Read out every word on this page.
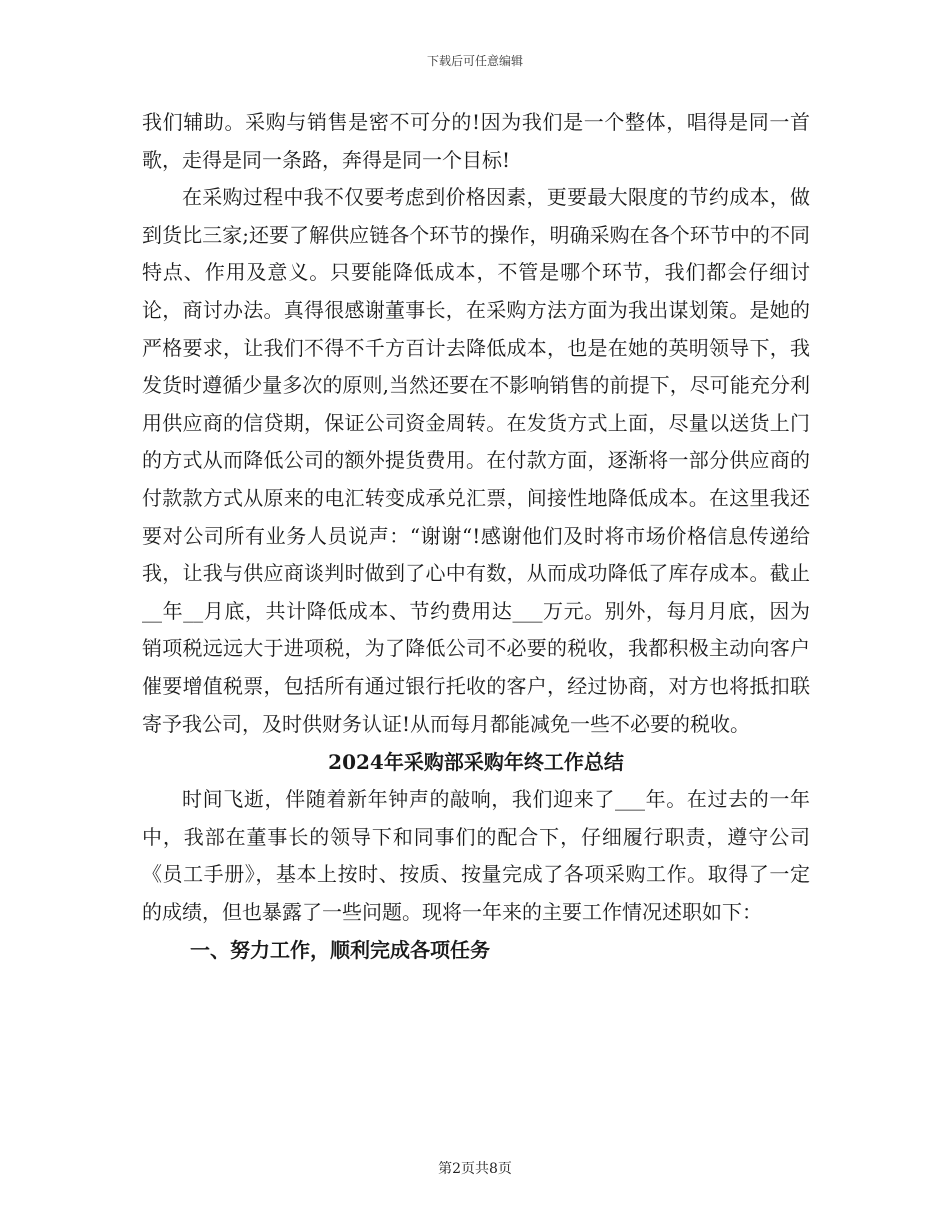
下载后可任意编辑

我们辅助。采购与销售是密不可分的!因为我们是一个整体，唱得是同一首歌，走得是同一条路，奔得是同一个目标!

在采购过程中我不仅要考虑到价格因素，更要最大限度的节约成本，做到货比三家;还要了解供应链各个环节的操作，明确采购在各个环节中的不同特点、作用及意义。只要能降低成本，不管是哪个环节，我们都会仔细讨论，商讨办法。真得很感谢董事长，在采购方法方面为我出谋划策。是她的严格要求，让我们不得不千方百计去降低成本，也是在她的英明领导下，我发货时遵循少量多次的原则,当然还要在不影响销售的前提下，尽可能充分利用供应商的信贷期，保证公司资金周转。在发货方式上面，尽量以送货上门的方式从而降低公司的额外提货费用。在付款方面，逐渐将一部分供应商的付款款方式从原来的电汇转变成承兑汇票，间接性地降低成本。在这里我还要对公司所有业务人员说声：“谢谢“!感谢他们及时将市场价格信息传递给我，让我与供应商谈判时做到了心中有数，从而成功降低了库存成本。截止__年__月底，共计降低成本、节约费用达___万元。别外，每月月底，因为销项税远远大于进项税，为了降低公司不必要的税收，我都积极主动向客户催要增值税票，包括所有通过银行托收的客户，经过协商，对方也将抵扣联寄予我公司，及时供财务认证!从而每月都能减免一些不必要的税收。

2024年采购部采购年终工作总结

时间飞逝，伴随着新年钟声的敲响，我们迎来了___年。在过去的一年中，我部在董事长的领导下和同事们的配合下，仔细履行职责，遵守公司《员工手册》，基本上按时、按质、按量完成了各项采购工作。取得了一定的成绩，但也暴露了一些问题。现将一年来的主要工作情况述职如下：

一、努力工作，顺利完成各项任务

第2页共8页
